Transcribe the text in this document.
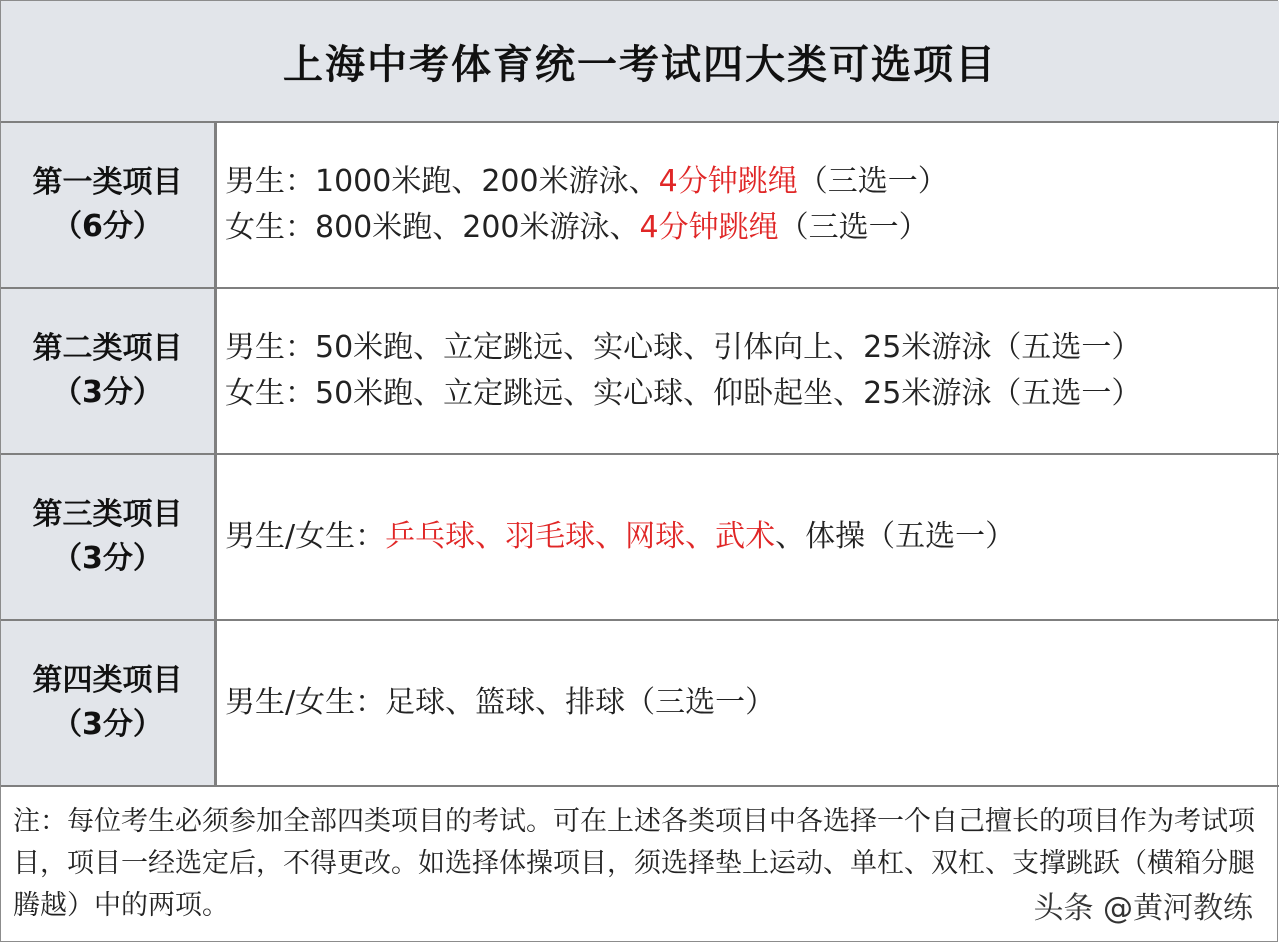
上海中考体育统一考试四大类可选项目
第一类项目
（6分）
男生：1000米跑、200米游泳、4分钟跳绳（三选一）
女生：800米跑、200米游泳、4分钟跳绳（三选一）
第二类项目
（3分）
男生：50米跑、立定跳远、实心球、引体向上、25米游泳（五选一）
女生：50米跑、立定跳远、实心球、仰卧起坐、25米游泳（五选一）
第三类项目
（3分）
男生/女生：乒乓球、羽毛球、网球、武术、体操（五选一）
第四类项目
（3分）
男生/女生：足球、篮球、排球（三选一）
注：每位考生必须参加全部四类项目的考试。可在上述各类项目中各选择一个自己擅长的项目作为考试项目，项目一经选定后，不得更改。如选择体操项目，须选择垫上运动、单杠、双杠、支撑跳跃（横箱分腿腾越）中的两项。	头条 @黄河教练
